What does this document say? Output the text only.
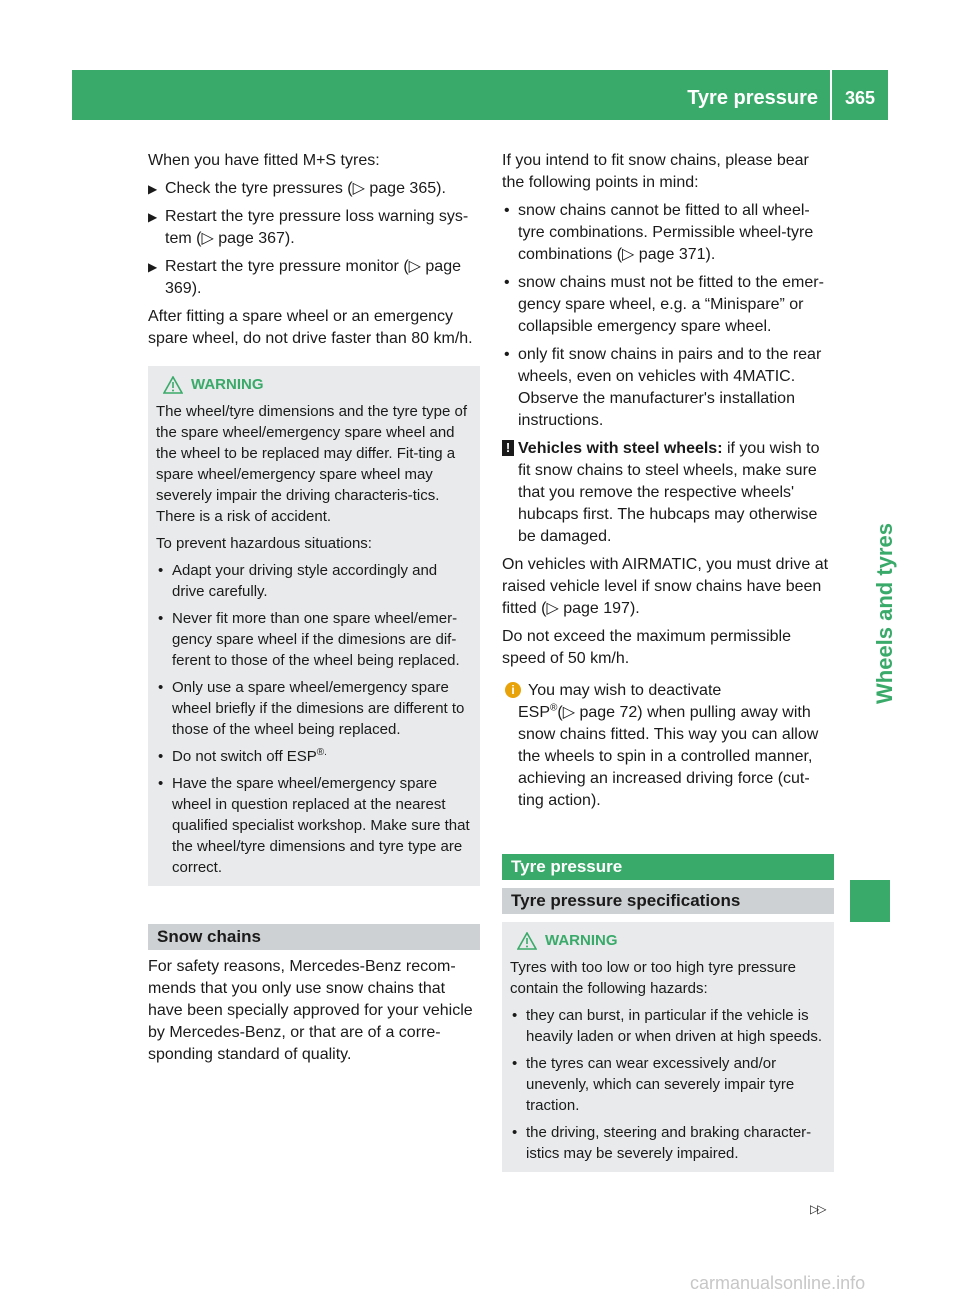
Tyre pressure	365
Wheels and tyres

When you have fitted M+S tyres:

▶ Check the tyre pressures (▷ page 365).
▶ Restart the tyre pressure loss warning sys-tem (▷ page 367).
▶ Restart the tyre pressure monitor (▷ page 369).

After fitting a spare wheel or an emergency spare wheel, do not drive faster than 80 km/h.

WARNING

The wheel/tyre dimensions and the tyre type of the spare wheel/emergency spare wheel and the wheel to be replaced may differ. Fit-ting a spare wheel/emergency spare wheel may severely impair the driving characteris-tics. There is a risk of accident.

To prevent hazardous situations:

• Adapt your driving style accordingly and drive carefully.
• Never fit more than one spare wheel/emer-gency spare wheel if the dimesions are dif-ferent to those of the wheel being replaced.
• Only use a spare wheel/emergency spare wheel briefly if the dimesions are different to those of the wheel being replaced.
• Do not switch off ESP®.
• Have the spare wheel/emergency spare wheel in question replaced at the nearest qualified specialist workshop. Make sure that the wheel/tyre dimensions and tyre type are correct.
Snow chains

For safety reasons, Mercedes-Benz recom-mends that you only use snow chains that have been specially approved for your vehicle by Mercedes-Benz, or that are of a corre-sponding standard of quality.

If you intend to fit snow chains, please bear the following points in mind:

• snow chains cannot be fitted to all wheel-tyre combinations. Permissible wheel-tyre combinations (▷ page 371).
• snow chains must not be fitted to the emer-gency spare wheel, e.g. a “Minispare” or collapsible emergency spare wheel.
• only fit snow chains in pairs and to the rear wheels, even on vehicles with 4MATIC. Observe the manufacturer's installation instructions.
! Vehicles with steel wheels: if you wish to fit snow chains to steel wheels, make sure that you remove the respective wheels' hubcaps first. The hubcaps may otherwise be damaged.

On vehicles with AIRMATIC, you must drive at raised vehicle level if snow chains have been fitted (▷ page 197).

Do not exceed the maximum permissible speed of 50 km/h.

i You may wish to deactivate
ESP®(▷ page 72) when pulling away with snow chains fitted. This way you can allow the wheels to spin in a controlled manner, achieving an increased driving force (cut-ting action).
Tyre pressure
Tyre pressure specifications
WARNING

Tyres with too low or too high tyre pressure contain the following hazards:

• they can burst, in particular if the vehicle is heavily laden or when driven at high speeds.
• the tyres can wear excessively and/or unevenly, which can severely impair tyre traction.
• the driving, steering and braking character-istics may be severely impaired.
▷▷
carmanualsonline.info
